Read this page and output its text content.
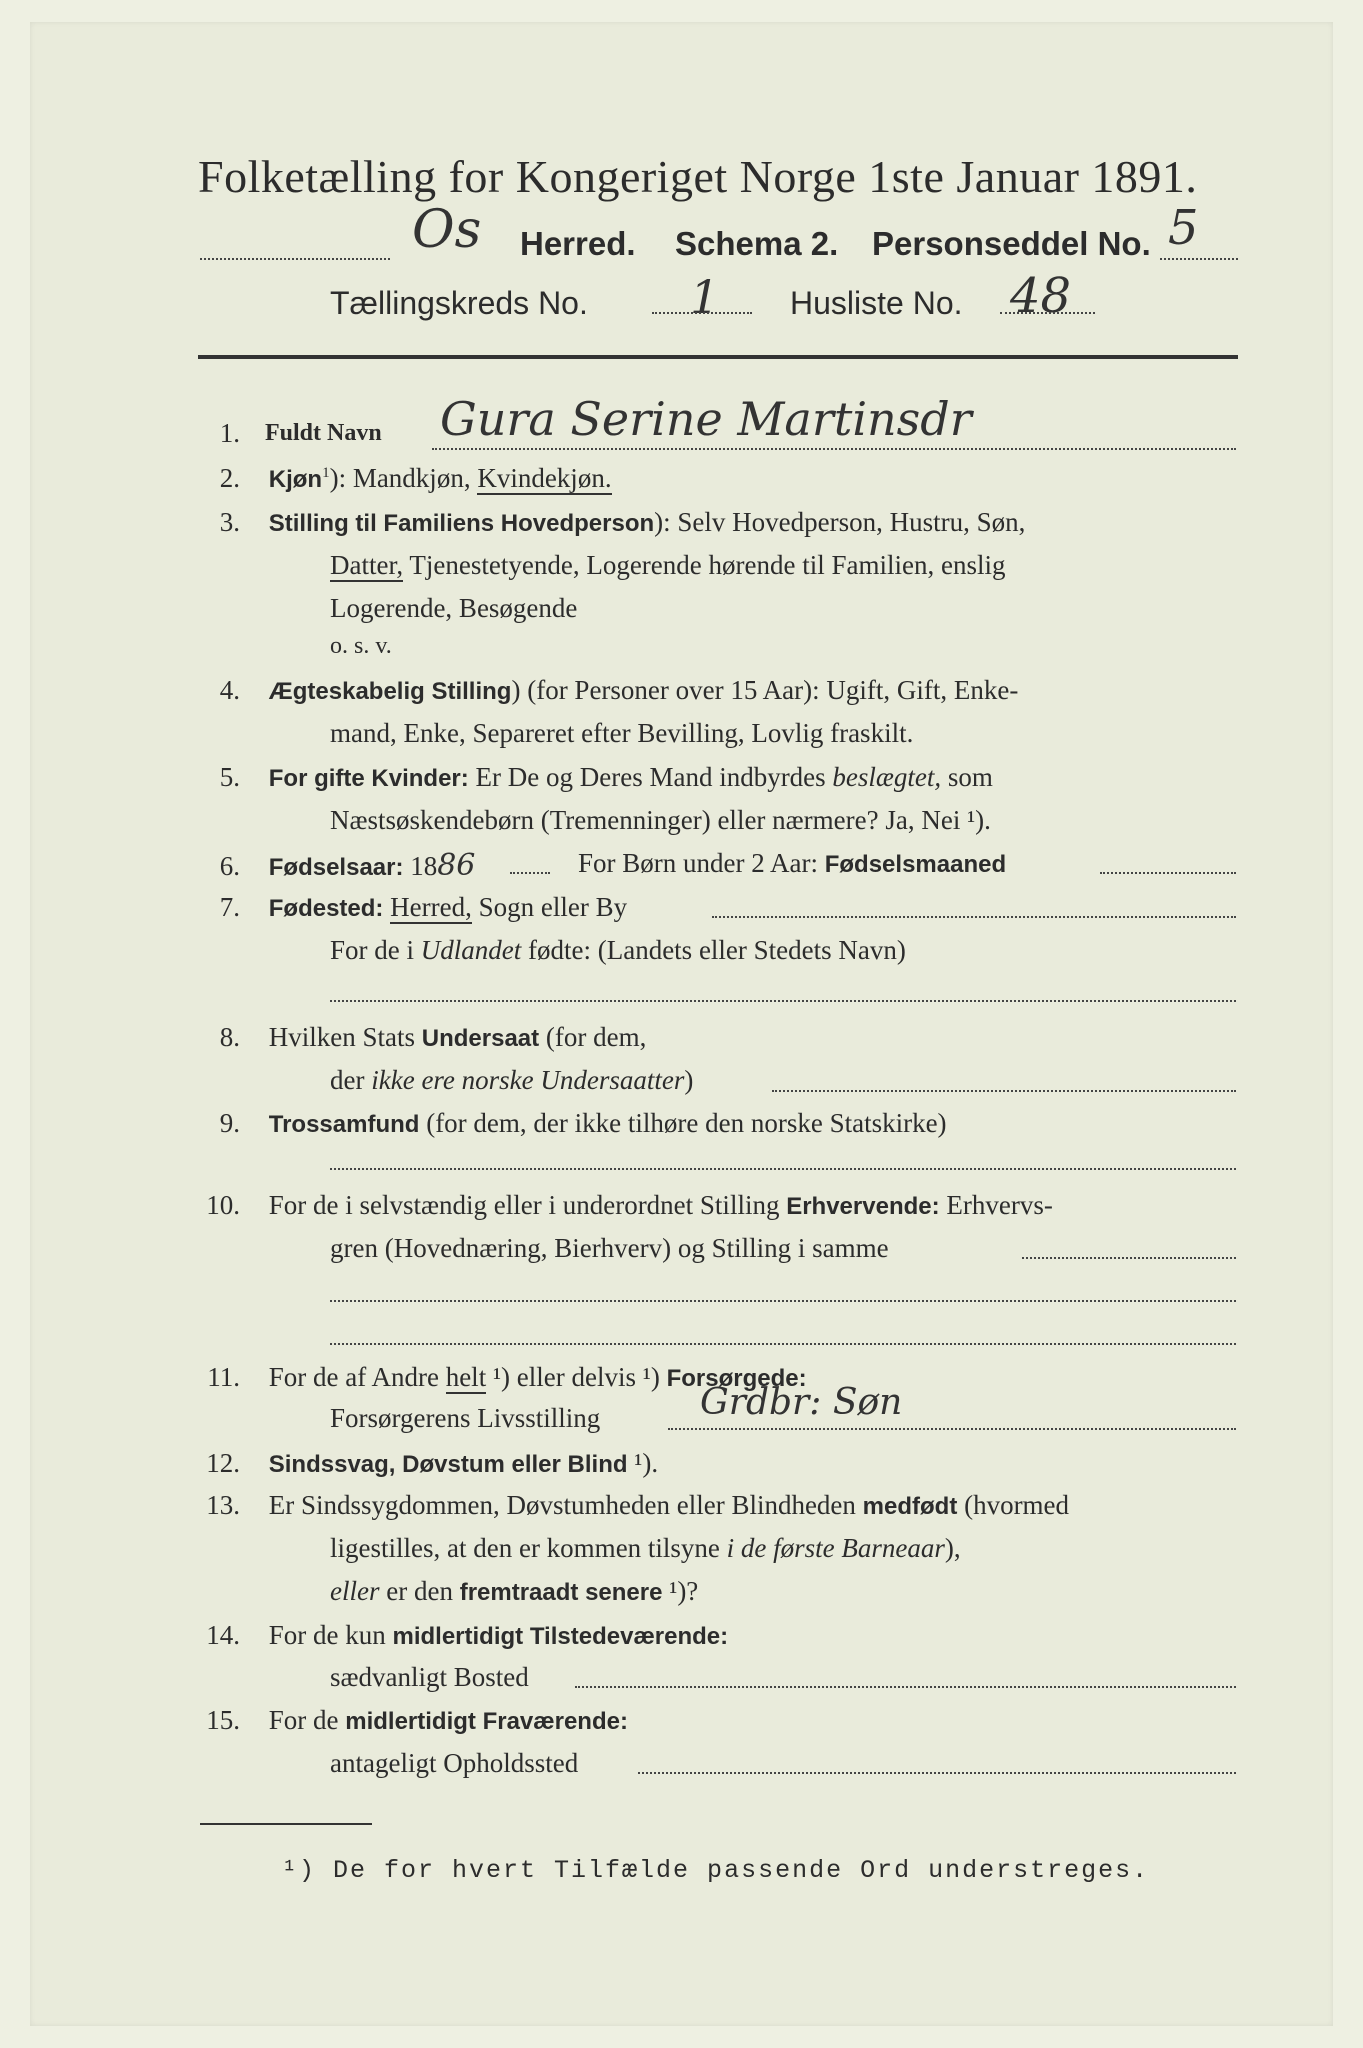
Folketælling for Kongeriget Norge 1ste Januar 1891.
Os Herred. Schema 2. Personseddel No. 5
Tællingskreds No. 1 Husliste No. 48
1. Fuldt Navn Gura Serine Martinsdr
2. Kjøn$^1$): Mandkjøn, Kvindekjøn.
3. Stilling til Familiens Hovedperson): Selv Hovedperson, Hustru, Søn,
Datter, Tjenestetyende, Logerende hørende til Familien, enslig
Logerende, Besøgende
o. s. v.
4. Ægteskabelig Stilling) (for Personer over 15 Aar): Ugift, Gift, Enke-
mand, Enke, Separeret efter Bevilling, Lovlig fraskilt.
5. For gifte Kvinder: Er De og Deres Mand indbyrdes beslægtet, som
Næstsøskendebørn (Tremenninger) eller nærmere? Ja, Nei ¹).
6. Fødselsaar: 1886	For Børn under 2 Aar: Fødselsmaaned
7. Fødested: Herred, Sogn eller By
For de i Udlandet fødte: (Landets eller Stedets Navn)
8. Hvilken Stats Undersaat (for dem,
der ikke ere norske Undersaatter)
9. Trossamfund (for dem, der ikke tilhøre den norske Statskirke)
10. For de i selvstændig eller i underordnet Stilling Erhvervende: Erhvervs-
gren (Hovednæring, Bierhverv) og Stilling i samme
11. For de af Andre helt ¹) eller delvis ¹) Forsørgede:
Forsørgerens Livsstilling	Grdbr: Søn
12. Sindssvag, Døvstum eller Blind ¹).
13. Er Sindssygdommen, Døvstumheden eller Blindheden medfødt (hvormed
ligestilles, at den er kommen tilsyne i de første Barneaar),
eller er den fremtraadt senere ¹)?
14. For de kun midlertidigt Tilstedeværende:
sædvanligt Bosted
15. For de midlertidigt Fraværende:
antageligt Opholdssted
¹) De for hvert Tilfælde passende Ord understreges.
